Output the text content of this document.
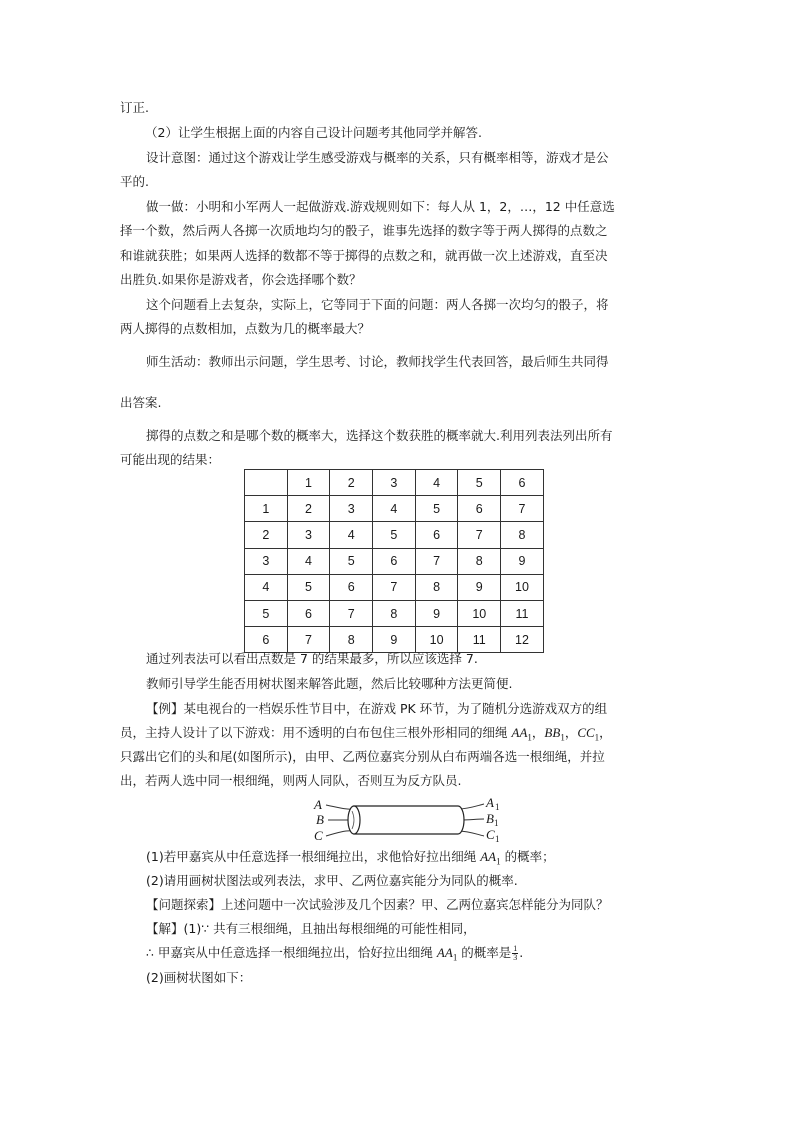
订正.
（2）让学生根据上面的内容自己设计问题考其他同学并解答.
设计意图：通过这个游戏让学生感受游戏与概率的关系，只有概率相等，游戏才是公
平的.
做一做：小明和小军两人一起做游戏.游戏规则如下：每人从 1，2，…，12 中任意选
择一个数，然后两人各掷一次质地均匀的骰子，谁事先选择的数字等于两人掷得的点数之
和谁就获胜；如果两人选择的数都不等于掷得的点数之和，就再做一次上述游戏，直至决
出胜负.如果你是游戏者，你会选择哪个数？
这个问题看上去复杂，实际上，它等同于下面的问题：两人各掷一次均匀的骰子，将
两人掷得的点数相加，点数为几的概率最大？
师生活动：教师出示问题，学生思考、讨论，教师找学生代表回答，最后师生共同得
出答案.
掷得的点数之和是哪个数的概率大，选择这个数获胜的概率就大.利用列表法列出所有
可能出现的结果：
	1	2	3	4	5	6
1	2	3	4	5	6	7
2	3	4	5	6	7	8
3	4	5	6	7	8	9
4	5	6	7	8	9	10
5	6	7	8	9	10	11
6	7	8	9	10	11	12
通过列表法可以看出点数是 7 的结果最多，所以应该选择 7.
教师引导学生能否用树状图来解答此题，然后比较哪种方法更简便.
【例】某电视台的一档娱乐性节目中，在游戏 PK 环节，为了随机分选游戏双方的组
员，主持人设计了以下游戏：用不透明的白布包住三根外形相同的细绳 $AA_1$，$BB_1$，$CC_1$，
只露出它们的头和尾(如图所示)，由甲、乙两位嘉宾分别从白布两端各选一根细绳，并拉
出，若两人选中同一根细绳，则两人同队，否则互为反方队员.
A
B
C
A 1
B 1
C 1
(1)若甲嘉宾从中任意选择一根细绳拉出，求他恰好拉出细绳 $AA_1$ 的概率；
(2)请用画树状图法或列表法，求甲、乙两位嘉宾能分为同队的概率.
【问题探索】上述问题中一次试验涉及几个因素？甲、乙两位嘉宾怎样能分为同队？
【解】(1)∵ 共有三根细绳，且抽出每根细绳的可能性相同，
∴ 甲嘉宾从中任意选择一根细绳拉出，恰好拉出细绳 $AA_1$ 的概率是 $\frac{1}{3}$ .
(2)画树状图如下：
